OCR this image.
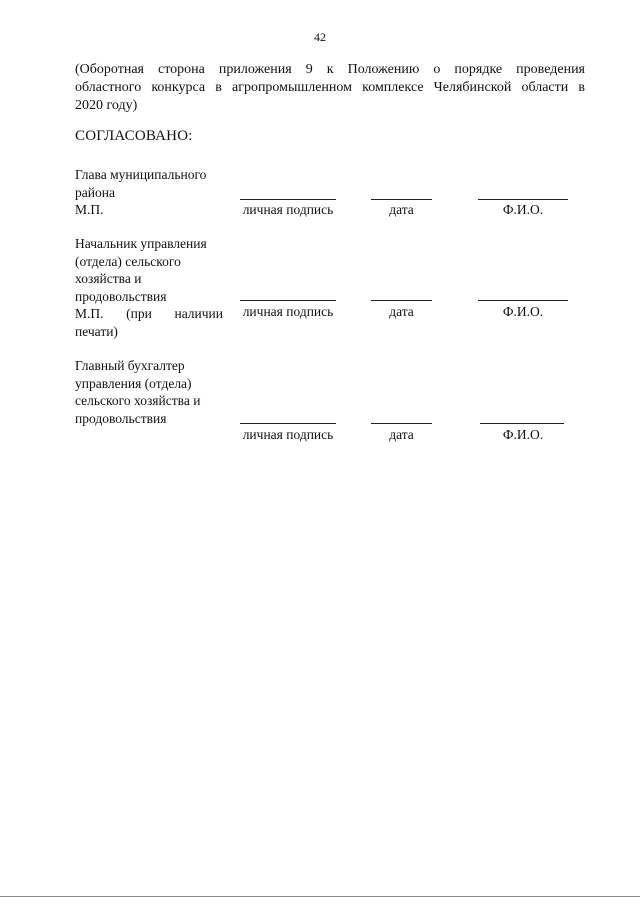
42
(Оборотная сторона приложения 9 к Положению о порядке проведения
областного конкурса в агропромышленном комплексе Челябинской области в
2020 году)
СОГЛАСОВАНО:
Глава муниципального
района
М.П.	личная подпись	дата	Ф.И.О.
Начальник управления
(отдела) сельского
хозяйства и
продовольствия
М.П. (при наличии
печати)
личная подпись	дата	Ф.И.О.
Главный бухгалтер
управления (отдела)
сельского хозяйства и
продовольствия
личная подпись	дата	Ф.И.О.
